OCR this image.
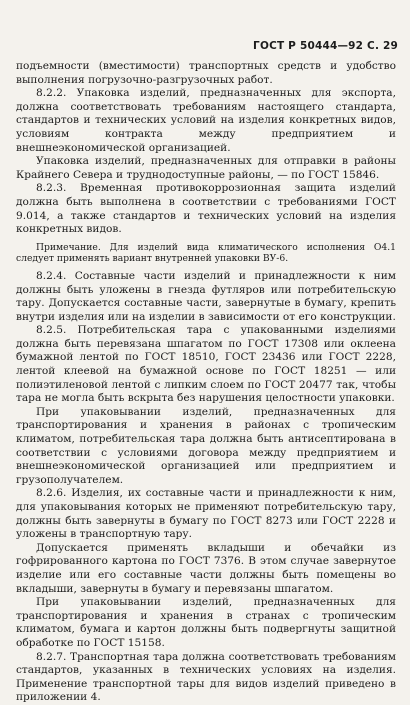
ГОСТ Р 50444—92 С. 29

подъемности (вместимости) транспортных средств и удобство выполнения погрузочно-разгрузочных работ.

8.2.2. Упаковка изделий, предназначенных для экспорта, должна соответствовать требованиям настоящего стандарта, стандартов и технических условий на изделия конкретных видов, условиям контракта между предприятием и внешнеэкономической организацией.

Упаковка изделий, предназначенных для отправки в районы Крайнего Севера и труднодоступные районы, — по ГОСТ 15846.

8.2.3. Временная противокоррозионная защита изделий должна быть выполнена в соответствии с требованиями ГОСТ 9.014, а также стандартов и технических условий на изделия конкретных видов.

Примечание. Для изделий вида климатического исполнения О4.1 следует применять вариант внутренней упаковки ВУ-6.

8.2.4. Составные части изделий и принадлежности к ним должны быть уложены в гнезда футляров или потребительскую тару. Допускается составные части, завернутые в бумагу, крепить внутри изделия или на изделии в зависимости от его конструкции.

8.2.5. Потребительская тара с упакованными изделиями должна быть перевязана шпагатом по ГОСТ 17308 или оклеена бумажной лентой по ГОСТ 18510, ГОСТ 23436 или ГОСТ 2228, лентой клеевой на бумажной основе по ГОСТ 18251 — или полиэтиленовой лентой с липким слоем по ГОСТ 20477 так, чтобы тара не могла быть вскрыта без нарушения целостности упаковки.

При упаковывании изделий, предназначенных для транспортирования и хранения в районах с тропическим климатом, потребительская тара должна быть антисептирована в соответствии с условиями договора между предприятием и внешнеэкономической организацией или предприятием и грузополучателем.

8.2.6. Изделия, их составные части и принадлежности к ним, для упаковывания которых не применяют потребительскую тару, должны быть завернуты в бумагу по ГОСТ 8273 или ГОСТ 2228 и уложены в транспортную тару.

Допускается применять вкладыши и обечайки из гофрированного картона по ГОСТ 7376. В этом случае завернутое изделие или его составные части должны быть помещены во вкладыши, завернуты в бумагу и перевязаны шпагатом.

При упаковывании изделий, предназначенных для транспортирования и хранения в странах с тропическим климатом, бумага и картон должны быть подвергнуты защитной обработке по ГОСТ 15158.

8.2.7. Транспортная тара должна соответствовать требованиям стандартов, указанных в технических условиях на изделия. Применение транспортной тары для видов изделий приведено в приложении 4.
